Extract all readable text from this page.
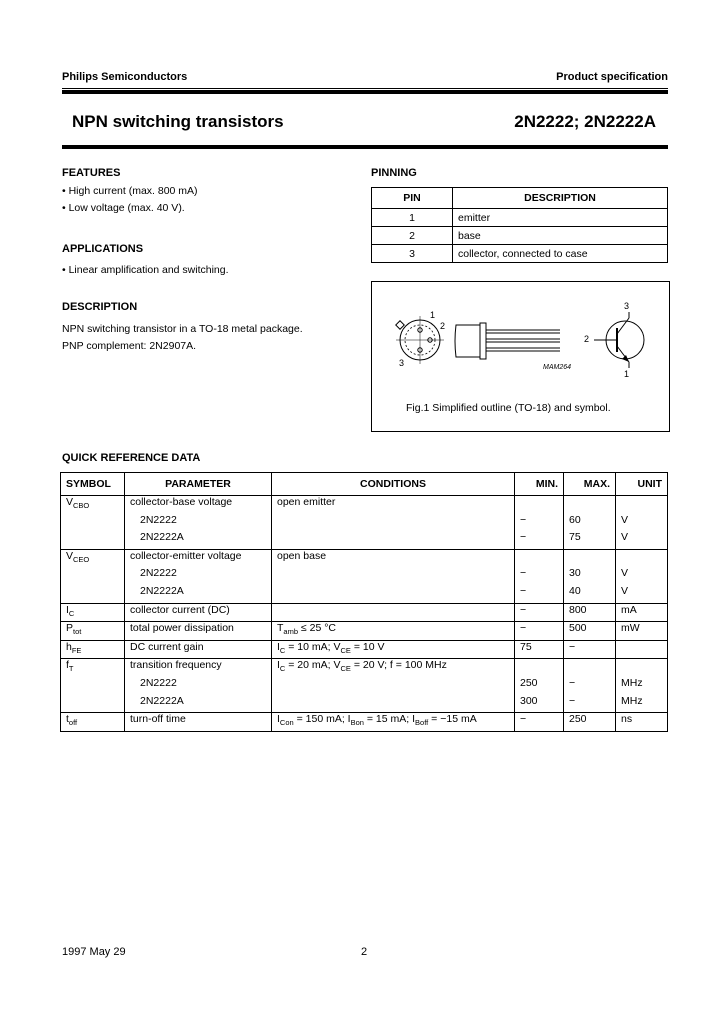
Philips Semiconductors	Product specification
NPN switching transistors	2N2222; 2N2222A
FEATURES
• High current (max. 800 mA)
• Low voltage (max. 40 V).
APPLICATIONS
• Linear amplification and switching.
DESCRIPTION
NPN switching transistor in a TO-18 metal package.
PNP complement: 2N2907A.
PINNING
PIN	DESCRIPTION
1	emitter
2	base
3	collector, connected to case
1
2
3
3
2
1
MAM264
Fig.1 Simplified outline (TO-18) and symbol.
QUICK REFERENCE DATA
SYMBOL	PARAMETER	CONDITIONS	MIN.	MAX.	UNIT
$V_{CBO}$	collector-base voltage	open emitter			
	2N2222		−	60	V
	2N2222A		−	75	V
$V_{CEO}$	collector-emitter voltage	open base			
	2N2222		−	30	V
	2N2222A		−	40	V
$I_C$	collector current (DC)		−	800	mA
$P_{tot}$	total power dissipation	$T_{amb} \le 25$ °C	−	500	mW
$h_{FE}$	DC current gain	$I_C = 10$ mA; $V_{CE} = 10$ V	75	−	
$f_T$	transition frequency	$I_C = 20$ mA; $V_{CE} = 20$ V; f = 100 MHz			
	2N2222		250	−	MHz
	2N2222A		300	−	MHz
$t_{off}$	turn-off time	$I_{Con} = 150$ mA; $I_{Bon} = 15$ mA; $I_{Boff} = -15$ mA	−	250	ns
1997 May 29	2
